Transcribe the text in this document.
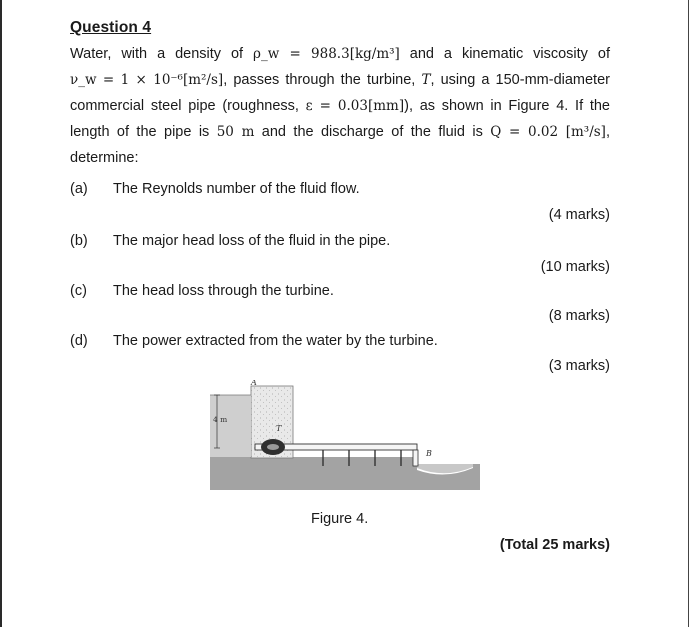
Question 4
Water, with a density of ρ_w = 988.3[kg/m³] and a kinematic viscosity of
ν_w = 1 × 10⁻⁶[m²/s], passes through the turbine, T, using a 150-mm-diameter
commercial steel pipe (roughness, ε = 0.03[mm]), as shown in Figure 4. If the
length of the pipe is 50 m and the discharge of the fluid is Q = 0.02 [m³/s],
determine:
(a) The Reynolds number of the fluid flow.
(4 marks)
(b) The major head loss of the fluid in the pipe.
(10 marks)
(c) The head loss through the turbine.
(8 marks)
(d) The power extracted from the water by the turbine.
(3 marks)
4 m
A
T
B
Figure 4.
(Total 25 marks)
